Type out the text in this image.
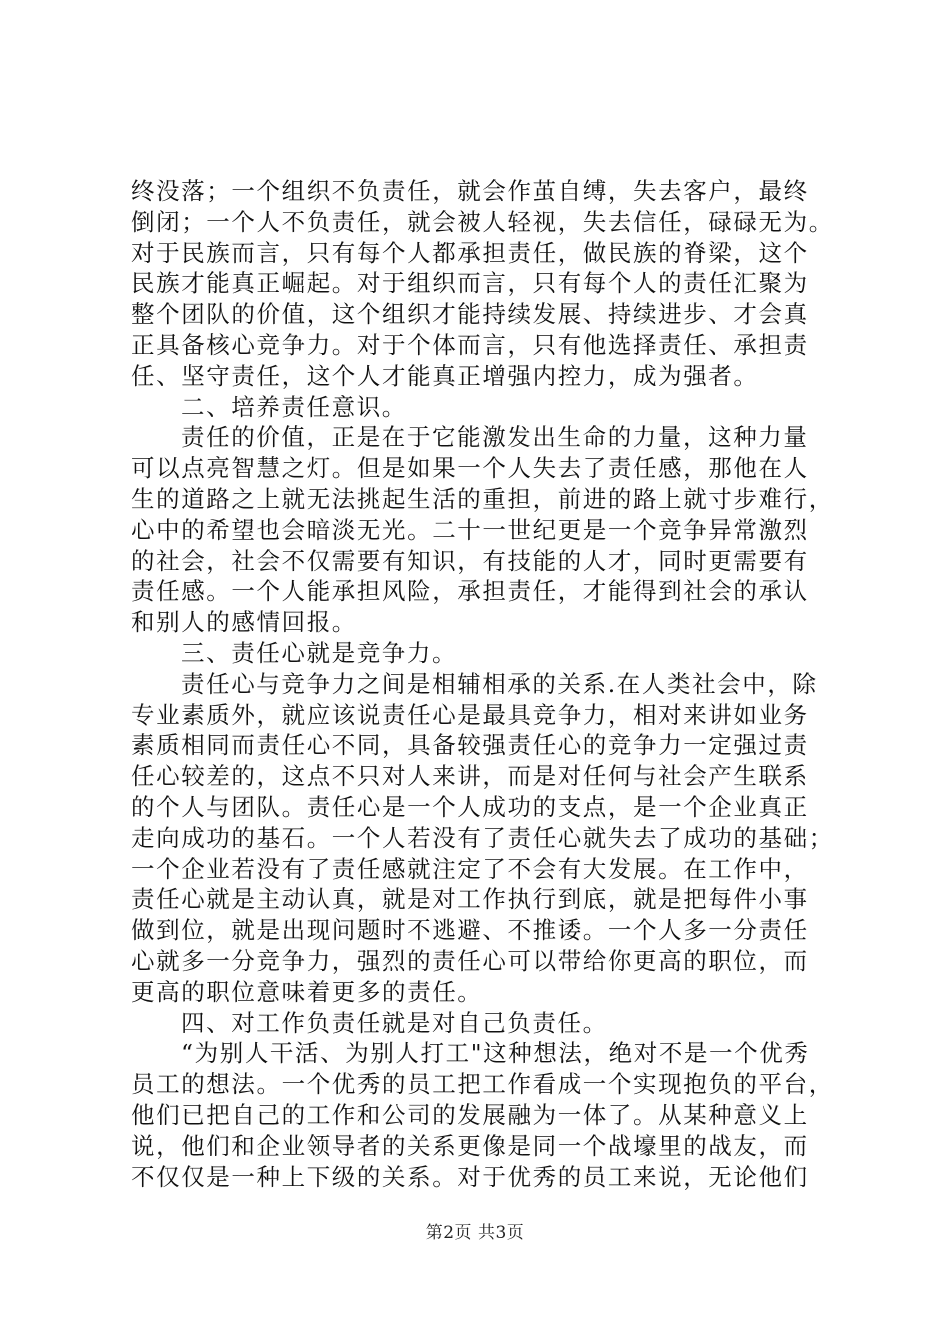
终没落；一个组织不负责任，就会作茧自缚，失去客户，最终
倒闭；一个人不负责任，就会被人轻视，失去信任，碌碌无为。
对于民族而言，只有每个人都承担责任，做民族的脊梁，这个
民族才能真正崛起。对于组织而言，只有每个人的责任汇聚为
整个团队的价值，这个组织才能持续发展、持续进步、才会真
正具备核心竞争力。对于个体而言，只有他选择责任、承担责
任、坚守责任，这个人才能真正增强内控力，成为强者。
二、培养责任意识。
责任的价值，正是在于它能激发出生命的力量，这种力量
可以点亮智慧之灯。但是如果一个人失去了责任感，那他在人
生的道路之上就无法挑起生活的重担，前进的路上就寸步难行，
心中的希望也会暗淡无光。二十一世纪更是一个竞争异常激烈
的社会，社会不仅需要有知识，有技能的人才，同时更需要有
责任感。一个人能承担风险，承担责任，才能得到社会的承认
和别人的感情回报。
三、责任心就是竞争力。
责任心与竞争力之间是相辅相承的关系.在人类社会中，除
专业素质外，就应该说责任心是最具竞争力，相对来讲如业务
素质相同而责任心不同，具备较强责任心的竞争力一定强过责
任心较差的，这点不只对人来讲，而是对任何与社会产生联系
的个人与团队。责任心是一个人成功的支点，是一个企业真正
走向成功的基石。一个人若没有了责任心就失去了成功的基础；
一个企业若没有了责任感就注定了不会有大发展。在工作中，
责任心就是主动认真，就是对工作执行到底，就是把每件小事
做到位，就是出现问题时不逃避、不推诿。一个人多一分责任
心就多一分竞争力，强烈的责任心可以带给你更高的职位，而
更高的职位意味着更多的责任。
四、对工作负责任就是对自己负责任。
“为别人干活、为别人打工"这种想法，绝对不是一个优秀
员工的想法。一个优秀的员工把工作看成一个实现抱负的平台，
他们已把自己的工作和公司的发展融为一体了。从某种意义上
说，他们和企业领导者的关系更像是同一个战壕里的战友，而
不仅仅是一种上下级的关系。对于优秀的员工来说，无论他们
第2页 共3页
